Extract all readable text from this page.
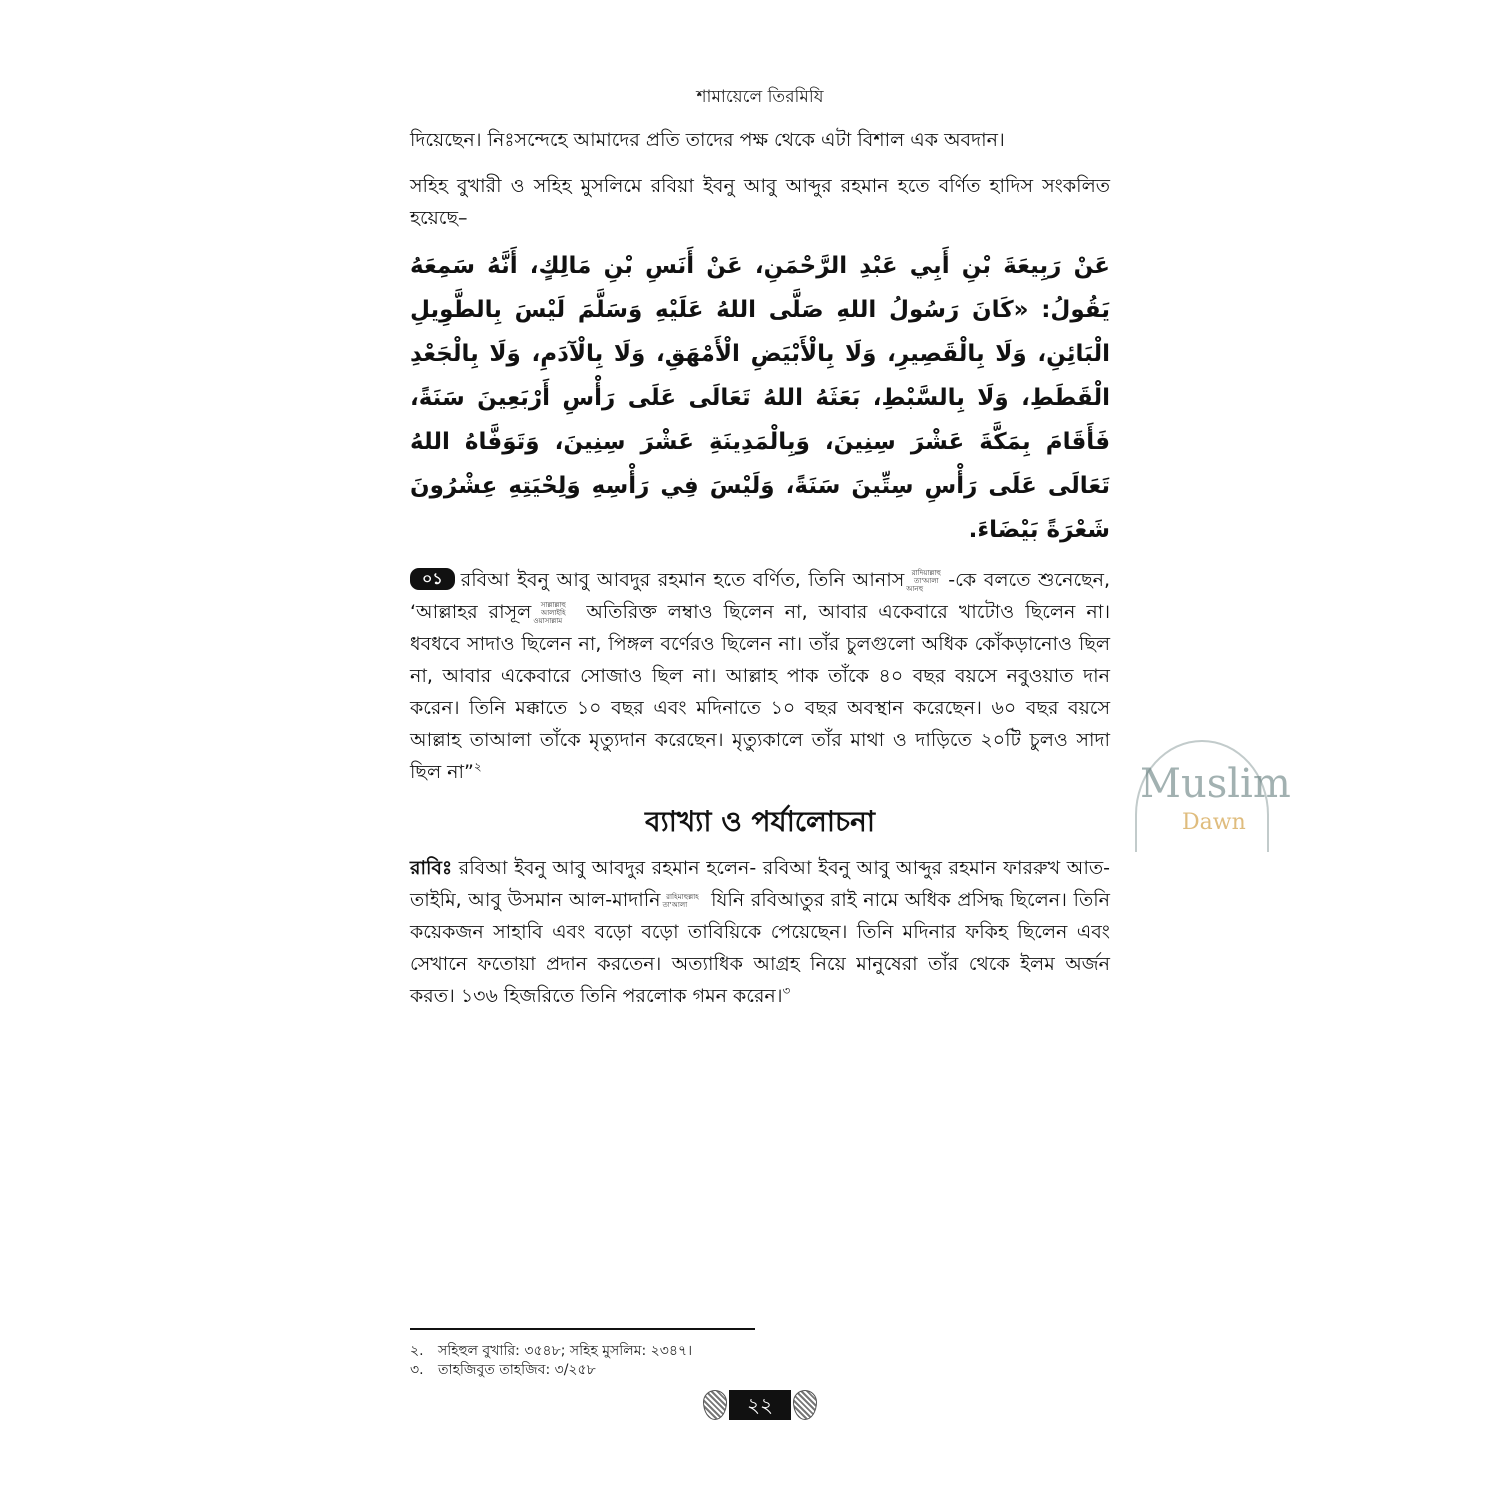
শামায়েলে তিরমিযি
দিয়েছেন। নিঃসন্দেহে আমাদের প্রতি তাদের পক্ষ থেকে এটা বিশাল এক অবদান।
সহিহ বুখারী ও সহিহ মুসলিমে রবিয়া ইবনু আবু আব্দুর রহমান হতে বর্ণিত হাদিস সংকলিত হয়েছে–
عَنْ رَبِيعَةَ بْنِ أَبِي عَبْدِ الرَّحْمَنِ، عَنْ أَنَسِ بْنِ مَالِكٍ، أَنَّهُ سَمِعَهُ يَقُولُ: «كَانَ رَسُولُ اللهِ صَلَّى اللهُ عَلَيْهِ وَسَلَّمَ لَيْسَ بِالطَّوِيلِ الْبَائِنِ، وَلَا بِالْقَصِيرِ، وَلَا بِالْأَبْيَضِ الْأَمْهَقِ، وَلَا بِالْآدَمِ، وَلَا بِالْجَعْدِ الْقَطَطِ، وَلَا بِالسَّبْطِ، بَعَثَهُ اللهُ تَعَالَى عَلَى رَأْسِ أَرْبَعِينَ سَنَةً، فَأَقَامَ بِمَكَّةَ عَشْرَ سِنِينَ، وَبِالْمَدِينَةِ عَشْرَ سِنِينَ، وَتَوَفَّاهُ اللهُ تَعَالَى عَلَى رَأْسِ سِتِّينَ سَنَةً، وَلَيْسَ فِي رَأْسِهِ وَلِحْيَتِهِ عِشْرُونَ شَعْرَةً بَيْضَاءَ.
০১ রবিআ ইবনু আবু আবদুর রহমান হতে বর্ণিত, তিনি আনাস রাদিয়াল্লাহু তা'আলা আনহু -কে বলতে শুনেছেন, ‘আল্লাহর রাসূল সাল্লাল্লাহু আলাইহি ওয়াসাল্লাম অতিরিক্ত লম্বাও ছিলেন না, আবার একেবারে খাটোও ছিলেন না। ধবধবে সাদাও ছিলেন না, পিঙ্গল বর্ণেরও ছিলেন না। তাঁর চুলগুলো অধিক কোঁকড়ানোও ছিল না, আবার একেবারে সোজাও ছিল না। আল্লাহ পাক তাঁকে ৪০ বছর বয়সে নবুওয়াত দান করেন। তিনি মক্কাতে ১০ বছর এবং মদিনাতে ১০ বছর অবস্থান করেছেন। ৬০ বছর বয়সে আল্লাহ তাআলা তাঁকে মৃত্যুদান করেছেন। মৃত্যুকালে তাঁর মাথা ও দাড়িতে ২০টি চুলও সাদা ছিল না”$^২$
ব্যাখ্যা ও পর্যালোচনা
রাবিঃ রবিআ ইবনু আবু আবদুর রহমান হলেন- রবিআ ইবনু আবু আব্দুর রহমান ফাররুখ আত-তাইমি, আবু উসমান আল-মাদানি রাহিমাহুল্লাহ তা'আলা যিনি রবিআতুর রাই নামে অধিক প্রসিদ্ধ ছিলেন। তিনি কয়েকজন সাহাবি এবং বড়ো বড়ো তাবিয়িকে পেয়েছেন। তিনি মদিনার ফকিহ ছিলেন এবং সেখানে ফতোয়া প্রদান করতেন। অত্যাধিক আগ্রহ নিয়ে মানুষেরা তাঁর থেকে ইলম অর্জন করত। ১৩৬ হিজরিতে তিনি পরলোক গমন করেন।$^৩$
২. সহিহুল বুখারি: ৩৫৪৮; সহিহ মুসলিম: ২৩৪৭।
৩. তাহজিবুত তাহজিব: ৩/২৫৮
২২
Muslim
Dawn
